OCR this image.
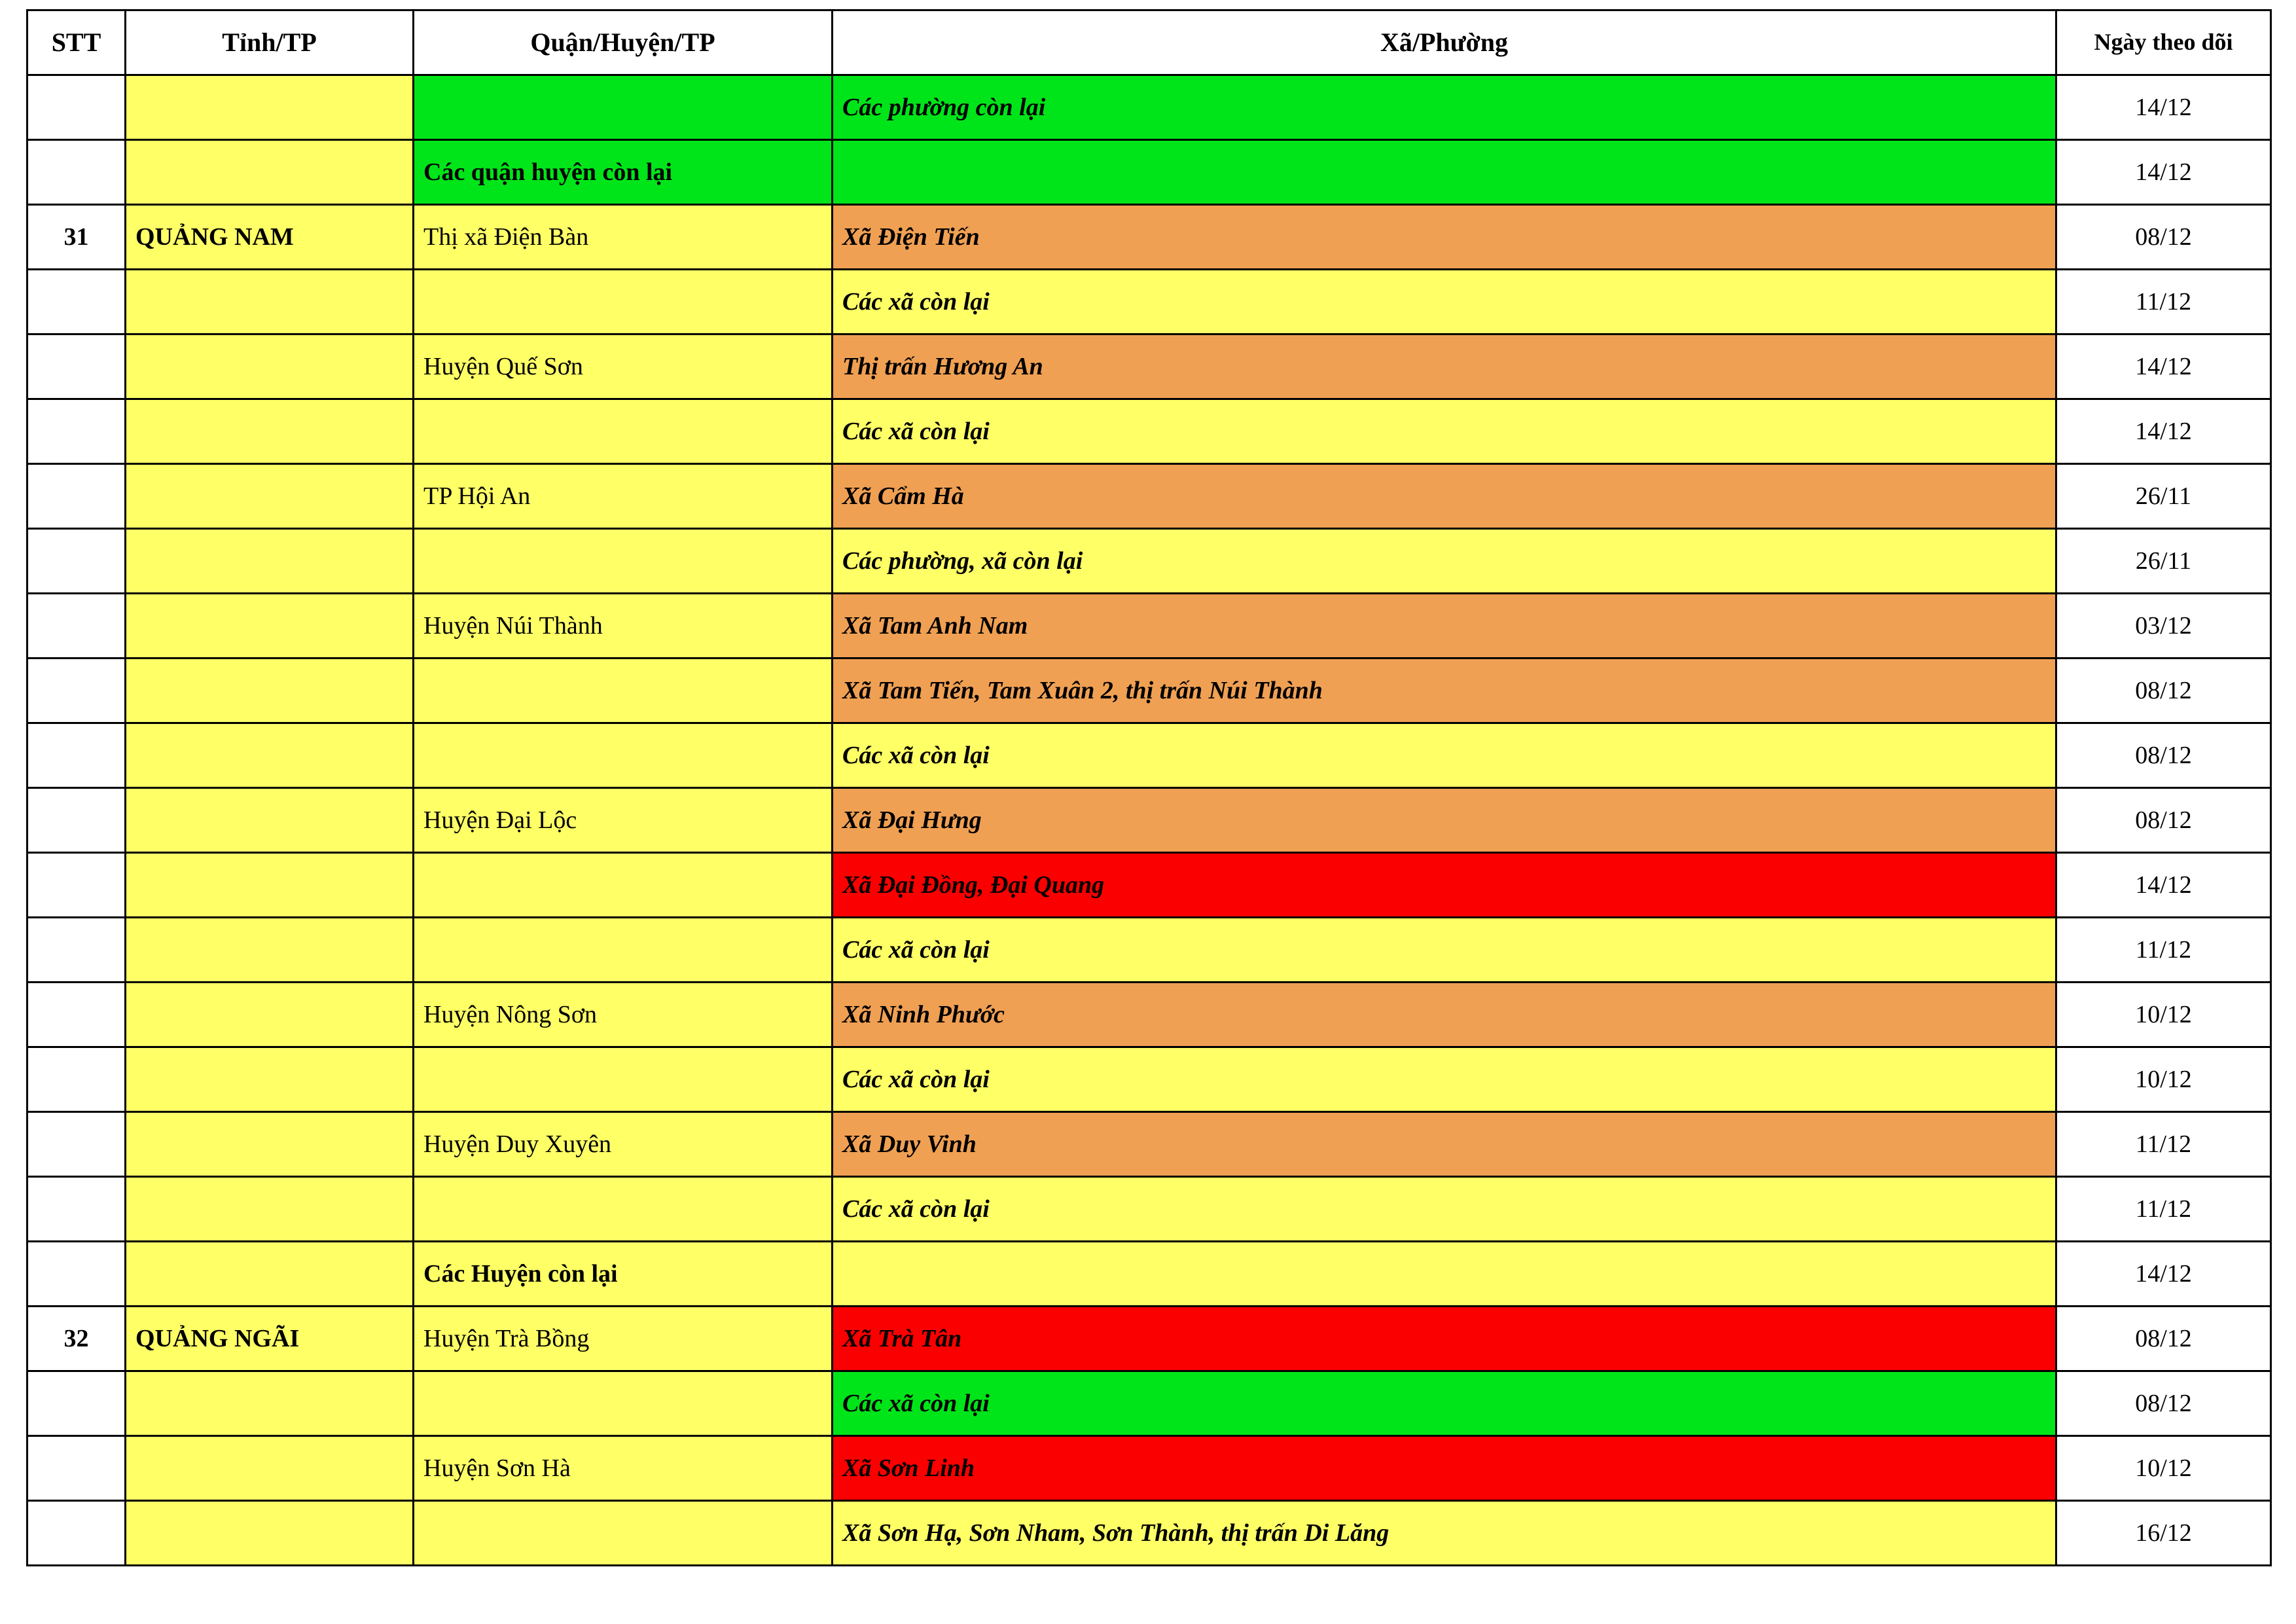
STT	Tỉnh/TP	Quận/Huyện/TP	Xã/Phường	Ngày theo dõi
			Các phường còn lại	14/12
		Các quận huyện còn lại		14/12
31	QUẢNG NAM	Thị xã Điện Bàn	Xã Điện Tiến	08/12
			Các xã còn lại	11/12
		Huyện Quế Sơn	Thị trấn Hương An	14/12
			Các xã còn lại	14/12
		TP Hội An	Xã Cẩm Hà	26/11
			Các phường, xã còn lại	26/11
		Huyện Núi Thành	Xã Tam Anh Nam	03/12
			Xã Tam Tiến, Tam Xuân 2, thị trấn Núi Thành	08/12
			Các xã còn lại	08/12
		Huyện Đại Lộc	Xã Đại Hưng	08/12
			Xã Đại Đồng, Đại Quang	14/12
			Các xã còn lại	11/12
		Huyện Nông Sơn	Xã Ninh Phước	10/12
			Các xã còn lại	10/12
		Huyện Duy Xuyên	Xã Duy Vinh	11/12
			Các xã còn lại	11/12
		Các Huyện còn lại		14/12
32	QUẢNG NGÃI	Huyện Trà Bồng	Xã Trà Tân	08/12
			Các xã còn lại	08/12
		Huyện Sơn Hà	Xã Sơn Linh	10/12
			Xã Sơn Hạ, Sơn Nham, Sơn Thành, thị trấn Di Lăng	16/12
